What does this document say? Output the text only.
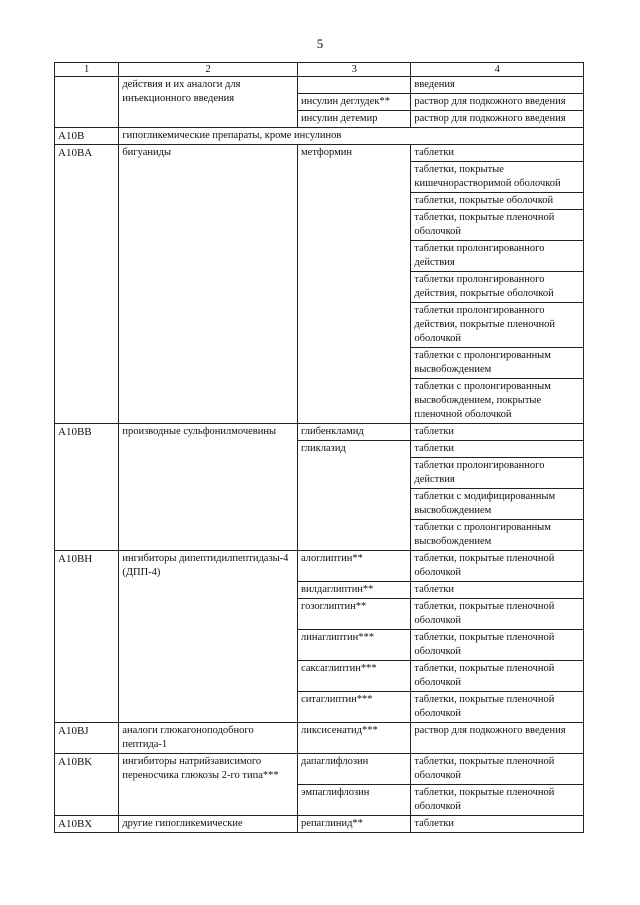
5
1	2	3	4
	действия и их аналоги для инъекционного введения		введения
		инсулин деглудек**	раствор для подкожного введения
		инсулин детемир	раствор для подкожного введения
A10B	гипогликемические препараты, кроме инсулинов		
A10BA	бигуаниды	метформин	таблетки
			таблетки, покрытые кишечнорастворимой оболочкой
			таблетки, покрытые оболочкой
			таблетки, покрытые пленочной оболочкой
			таблетки пролонгированного действия
			таблетки пролонгированного действия, покрытые оболочкой
			таблетки пролонгированного действия, покрытые пленочной оболочкой
			таблетки с пролонгированным высвобождением
			таблетки с пролонгированным высвобождением, покрытые пленочной оболочкой
A10BB	производные сульфонилмочевины	глибенкламид	таблетки
		гликлазид	таблетки
			таблетки пролонгированного действия
			таблетки с модифицированным высвобождением
			таблетки с пролонгированным высвобождением
A10BH	ингибиторы дипептидилпептидазы-4 (ДПП-4)	алоглиптин**	таблетки, покрытые пленочной оболочкой
		вилдаглиптин**	таблетки
		гозоглиптин**	таблетки, покрытые пленочной оболочкой
		линаглиптин***	таблетки, покрытые пленочной оболочкой
		саксаглиптин***	таблетки, покрытые пленочной оболочкой
		ситаглиптин***	таблетки, покрытые пленочной оболочкой
A10BJ	аналоги глюкагоноподобного пептида-1	ликсисенатид***	раствор для подкожного введения
A10BK	ингибиторы натрийзависимого переносчика глюкозы 2-го типа***	дапаглифлозин	таблетки, покрытые пленочной оболочкой
		эмпаглифлозин	таблетки, покрытые пленочной оболочкой
A10BX	другие гипогликемические	репаглинид**	таблетки
